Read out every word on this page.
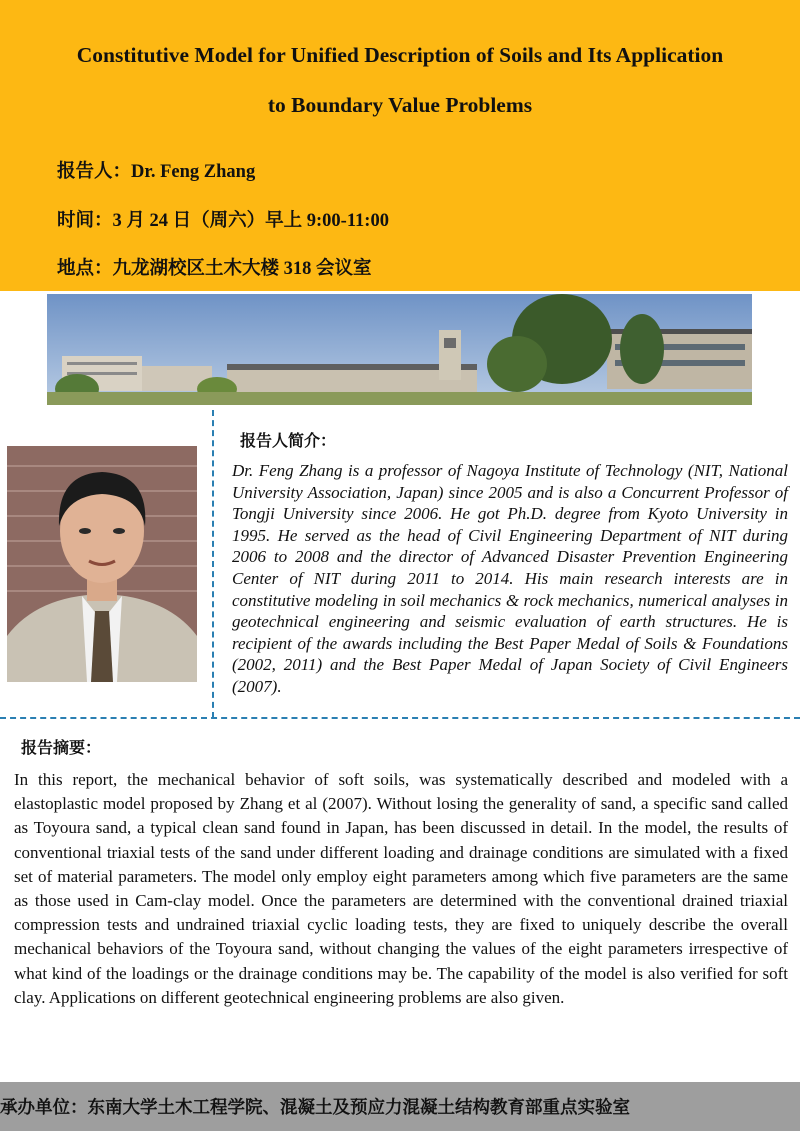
Constitutive Model for Unified Description of Soils and Its Application
to Boundary Value Problems
报告人：Dr. Feng Zhang
时间：3 月 24 日（周六）早上 9:00-11:00
地点：九龙湖校区土木大楼 318 会议室
报告人简介：
Dr. Feng Zhang is a professor of Nagoya Institute of Technology (NIT, National University Association, Japan) since 2005 and is also a Concurrent Professor of Tongji University since 2006. He got Ph.D. degree from Kyoto University in 1995. He served as the head of Civil Engineering Department of NIT during 2006 to 2008 and the director of Advanced Disaster Prevention Engineering Center of NIT during 2011 to 2014. His main research interests are in constitutive modeling in soil mechanics & rock mechanics, numerical analyses in geotechnical engineering and seismic evaluation of earth structures. He is recipient of the awards including the Best Paper Medal of Soils & Foundations (2002, 2011) and the Best Paper Medal of Japan Society of Civil Engineers (2007).
报告摘要：
In this report, the mechanical behavior of soft soils, was systematically described and modeled with a elastoplastic model proposed by Zhang et al (2007). Without losing the generality of sand, a specific sand called as Toyoura sand, a typical clean sand found in Japan, has been discussed in detail. In the model, the results of conventional triaxial tests of the sand under different loading and drainage conditions are simulated with a fixed set of material parameters. The model only employ eight parameters among which five parameters are the same as those used in Cam-clay model. Once the parameters are determined with the conventional drained triaxial compression tests and undrained triaxial cyclic loading tests, they are fixed to uniquely describe the overall mechanical behaviors of the Toyoura sand, without changing the values of the eight parameters irrespective of what kind of the loadings or the drainage conditions may be. The capability of the model is also verified for soft clay. Applications on different geotechnical engineering problems are also given.
承办单位：东南大学土木工程学院、混凝土及预应力混凝土结构教育部重点实验室
